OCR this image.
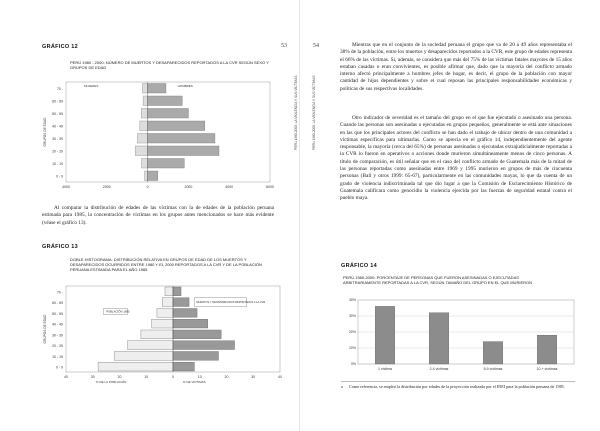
53
GRÁFICO 12
PERÚ 1980 - 2000: NÚMERO DE MUERTOS Y DESAPARECIDOS REPORTADOS A LA CVR SEGÚN SEXO Y GRUPOS DE EDAD
70 -
60 - 69
50 - 59
40 - 49
30 - 39
20 - 29
10 - 19
0 - 9
4000	2000	0	2000	4000	6000
MUJERES	HOMBRES
GRUPOS DE EDAD

Al comparar la distribución de edades de las víctimas con la de edades de la población peruana estimada para 1985, la concentración de víctimas en los grupos antes mencionados se hace más evidente (véase el gráfico 13).

GRÁFICO 13
DOBLE HISTOGRAMA: DISTRIBUCIÓN RELATIVA EN GRUPOS DE EDAD DE LOS MUERTOS Y DESAPARECIDOS OCURRIDOS ENTRE 1980 Y EL 2000 REPORTADOS A LA CVR Y DE LA POBLACIÓN PERUANA ESTIMADA PARA EL AÑO 1985
70 -
60 - 69
50 - 59
40 - 49
30 - 39
20 - 29
10 - 19
0 - 9
40	30	20	10	0	10	20	30	40
% DE LA POBLACIÓN	% DE VÍCTIMAS
POBLACIÓN 1985
MUERTOS Y DESAPARECIDOS REPORTADOS A LA CVR
GRUPOS DE EDAD
54
PERÚ 1980-2000: LA VIOLENCIA Y SUS VÍCTIMAS
PERÚ 1980-2000: LA VIOLENCIA Y SUS VÍCTIMAS

Mientras que en el conjunto de la sociedad peruana el grupo que va de 20 a 49 años representaba el 38% de la población, entre los muertos y desaparecidos reportados a la CVR, este grupo de edades representa el 66% de las víctimas. Si, además, se considera que más del 75% de las víctimas fatales mayores de 15 años estaban casadas o eran convivientes, es posible afirmar que, dado que la mayoría del conflicto armado interno afectó principalmente a hombres jefes de hogar, es decir, el grupo de la población con mayor cantidad de hijos dependientes y sobre el cual reposan las principales responsabilidades económicas y políticas de sus respectivas localidades.

Otro indicador de severidad es el tamaño del grupo en el que fue ejecutado o asesinado una persona. Cuando las personas son asesinadas o ejecutadas en grupos pequeños, generalmente se está ante situaciones en las que los principales actores del conflicto se han dado el trabajo de ubicar dentro de una comunidad a víctimas específicas para ultimarlas. Como se aprecia en el gráfico 14, independientemente del agente responsable, la mayoría (cerca del 65%) de personas asesinadas o ejecutadas extrajudicialmente reportadas a la CVR lo fueron en operativos o acciones donde murieron simultáneamente menos de cinco personas. A título de comparación, es útil señalar que en el caso del conflicto armado de Guatemala más de la mitad de las personas reportadas como asesinadas entre 1969 y 1995 murieron en grupos de más de cincuenta personas (Ball y otros 1999: 65-67), particularmente en las comunidades mayas, lo que da cuenta de un grado de violencia indiscriminada tal que dio lugar a que la Comisión de Esclarecimiento Histórico de Guatemala calificara como genocidio la violencia ejercida por las fuerzas de seguridad estatal contra el pueblo maya.

GRÁFICO 14
PERÚ 1980-2000: PORCENTAJE DE PERSONAS QUE FUERON ASESINADAS O EJECUTADAS ARBITRARIAMENTE REPORTADAS A LA CVR, SEGÚN TAMAÑO DEL GRUPO EN EL QUE MURIERON
40%
30%
20%
10%
0%
1 víctima	2-4 víctimas	5-9 víctimas	10-+ víctimas
a	Como referencia, se empleó la distribución por edades de la proyección realizada por el INEI para la población peruana de 1985.
